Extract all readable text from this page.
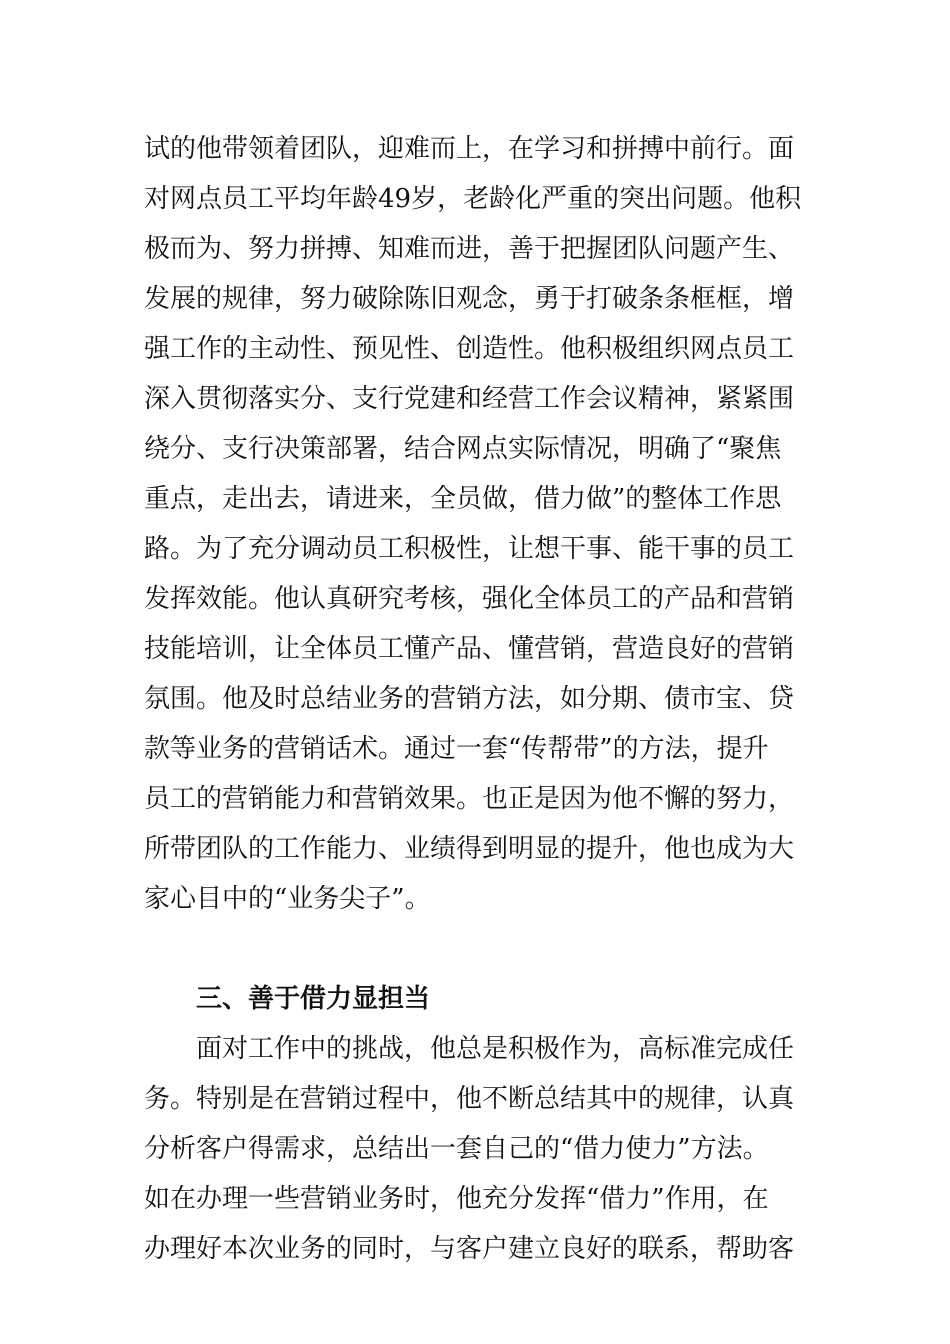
试的他带领着团队，迎难而上，在学习和拼搏中前行。面
对网点员工平均年龄49岁，老龄化严重的突出问题。他积
极而为、努力拼搏、知难而进，善于把握团队问题产生、
发展的规律，努力破除陈旧观念，勇于打破条条框框，增
强工作的主动性、预见性、创造性。他积极组织网点员工
深入贯彻落实分、支行党建和经营工作会议精神，紧紧围
绕分、支行决策部署，结合网点实际情况，明确了“聚焦
重点，走出去，请进来，全员做，借力做”的整体工作思
路。为了充分调动员工积极性，让想干事、能干事的员工
发挥效能。他认真研究考核，强化全体员工的产品和营销
技能培训，让全体员工懂产品、懂营销，营造良好的营销
氛围。他及时总结业务的营销方法，如分期、债市宝、贷
款等业务的营销话术。通过一套“传帮带”的方法，提升
员工的营销能力和营销效果。也正是因为他不懈的努力，
所带团队的工作能力、业绩得到明显的提升，他也成为大
家心目中的“业务尖子”。
三、善于借力显担当
面对工作中的挑战，他总是积极作为，高标准完成任
务。特别是在营销过程中，他不断总结其中的规律，认真
分析客户得需求，总结出一套自己的“借力使力”方法。
如在办理一些营销业务时，他充分发挥“借力”作用，在
办理好本次业务的同时，与客户建立良好的联系，帮助客
